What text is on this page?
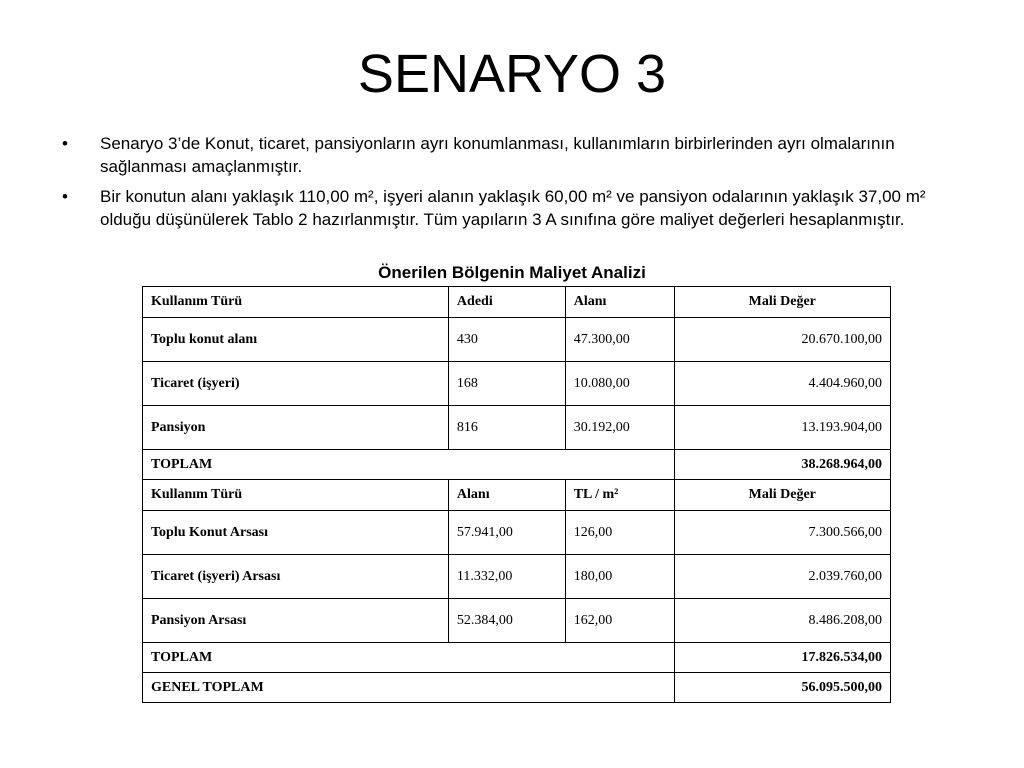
SENARYO 3
• Senaryo 3’de Konut, ticaret, pansiyonların ayrı konumlanması, kullanımların birbirlerinden ayrı olmalarının sağlanması amaçlanmıştır.
• Bir konutun alanı yaklaşık 110,00 m², işyeri alanın yaklaşık 60,00 m² ve pansiyon odalarının yaklaşık 37,00 m² olduğu düşünülerek Tablo 2 hazırlanmıştır. Tüm yapıların 3 A sınıfına göre maliyet değerleri hesaplanmıştır.
Önerilen Bölgenin Maliyet Analizi
Kullanım Türü	Adedi	Alanı	Mali Değer
Toplu konut alanı	430	47.300,00	20.670.100,00
Ticaret (işyeri)	168	10.080,00	4.404.960,00
Pansiyon	816	30.192,00	13.193.904,00
TOPLAM			38.268.964,00
Kullanım Türü	Alanı	TL / m²	Mali Değer
Toplu Konut Arsası	57.941,00	126,00	7.300.566,00
Ticaret (işyeri) Arsası	11.332,00	180,00	2.039.760,00
Pansiyon Arsası	52.384,00	162,00	8.486.208,00
TOPLAM			17.826.534,00
GENEL TOPLAM			56.095.500,00
